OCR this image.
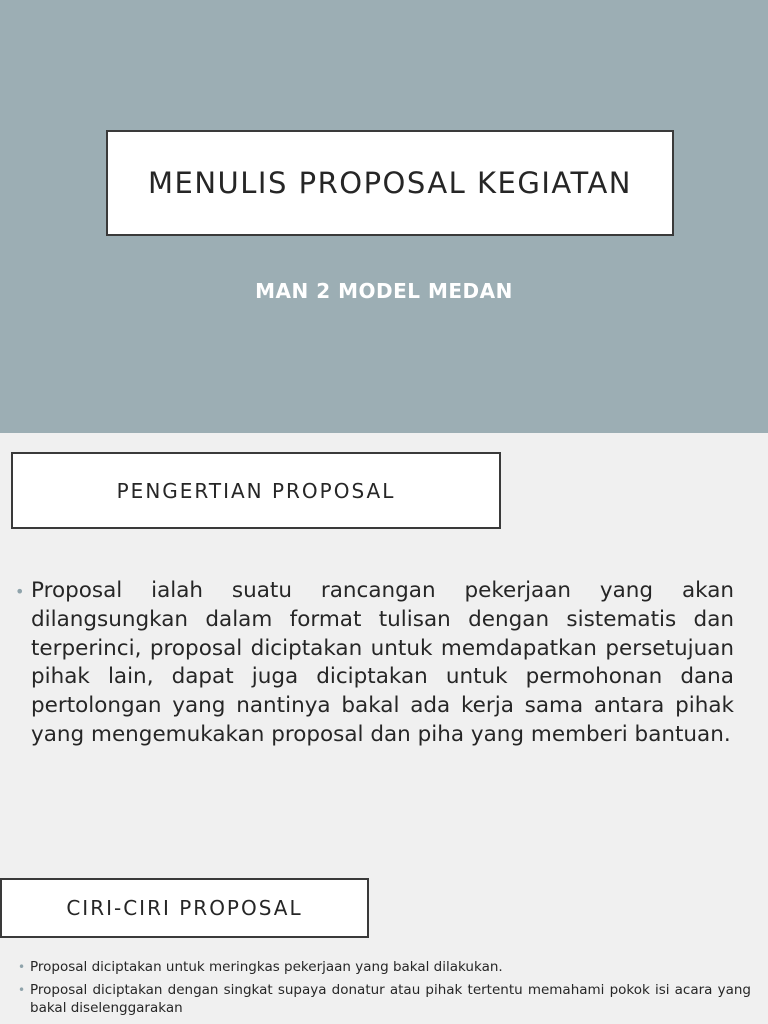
MENULIS PROPOSAL KEGIATAN
MAN 2 MODEL MEDAN
PENGERTIAN PROPOSAL
• Proposal ialah suatu rancangan pekerjaan yang akan dilangsungkan dalam format tulisan dengan sistematis dan terperinci, proposal diciptakan untuk memdapatkan persetujuan pihak lain, dapat juga diciptakan untuk permohonan dana pertolongan yang nantinya bakal ada kerja sama antara pihak yang mengemukakan proposal dan piha yang memberi bantuan.
CIRI-CIRI PROPOSAL
• Proposal diciptakan untuk meringkas pekerjaan yang bakal dilakukan.
• Proposal diciptakan dengan singkat supaya donatur atau pihak tertentu memahami pokok isi acara yang bakal diselenggarakan
